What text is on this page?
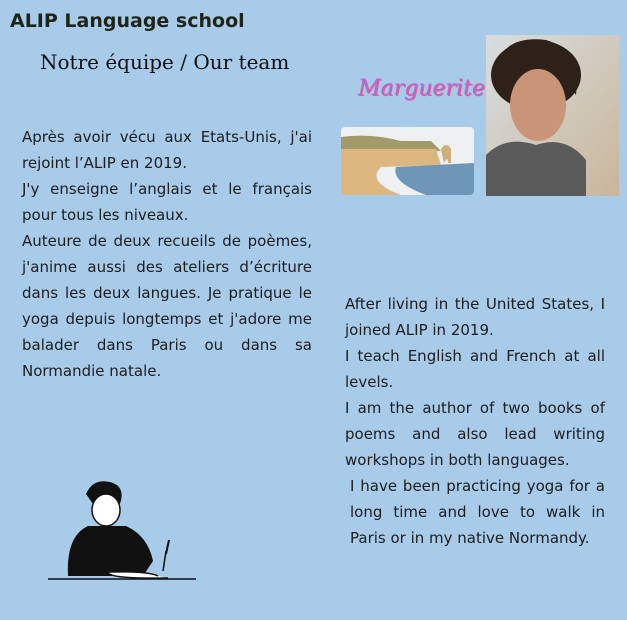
ALIP Language school
Notre équipe / Our team
Marguerite

Après avoir vécu aux Etats-Unis, j'ai rejoint l’ALIP en 2019.

J'y enseigne l’anglais et le français pour tous les niveaux.

Auteure de deux recueils de poèmes, j'anime aussi des ateliers d’écriture dans les deux langues. Je pratique le yoga depuis longtemps et j'adore me balader dans Paris ou dans sa Normandie natale.

After living in the United States, I joined ALIP in 2019.

I teach English and French at all levels.

I am the author of two books of poems and also lead writing workshops in both languages.

I have been practicing yoga for a long time and love to walk in Paris or in my native Normandy.
